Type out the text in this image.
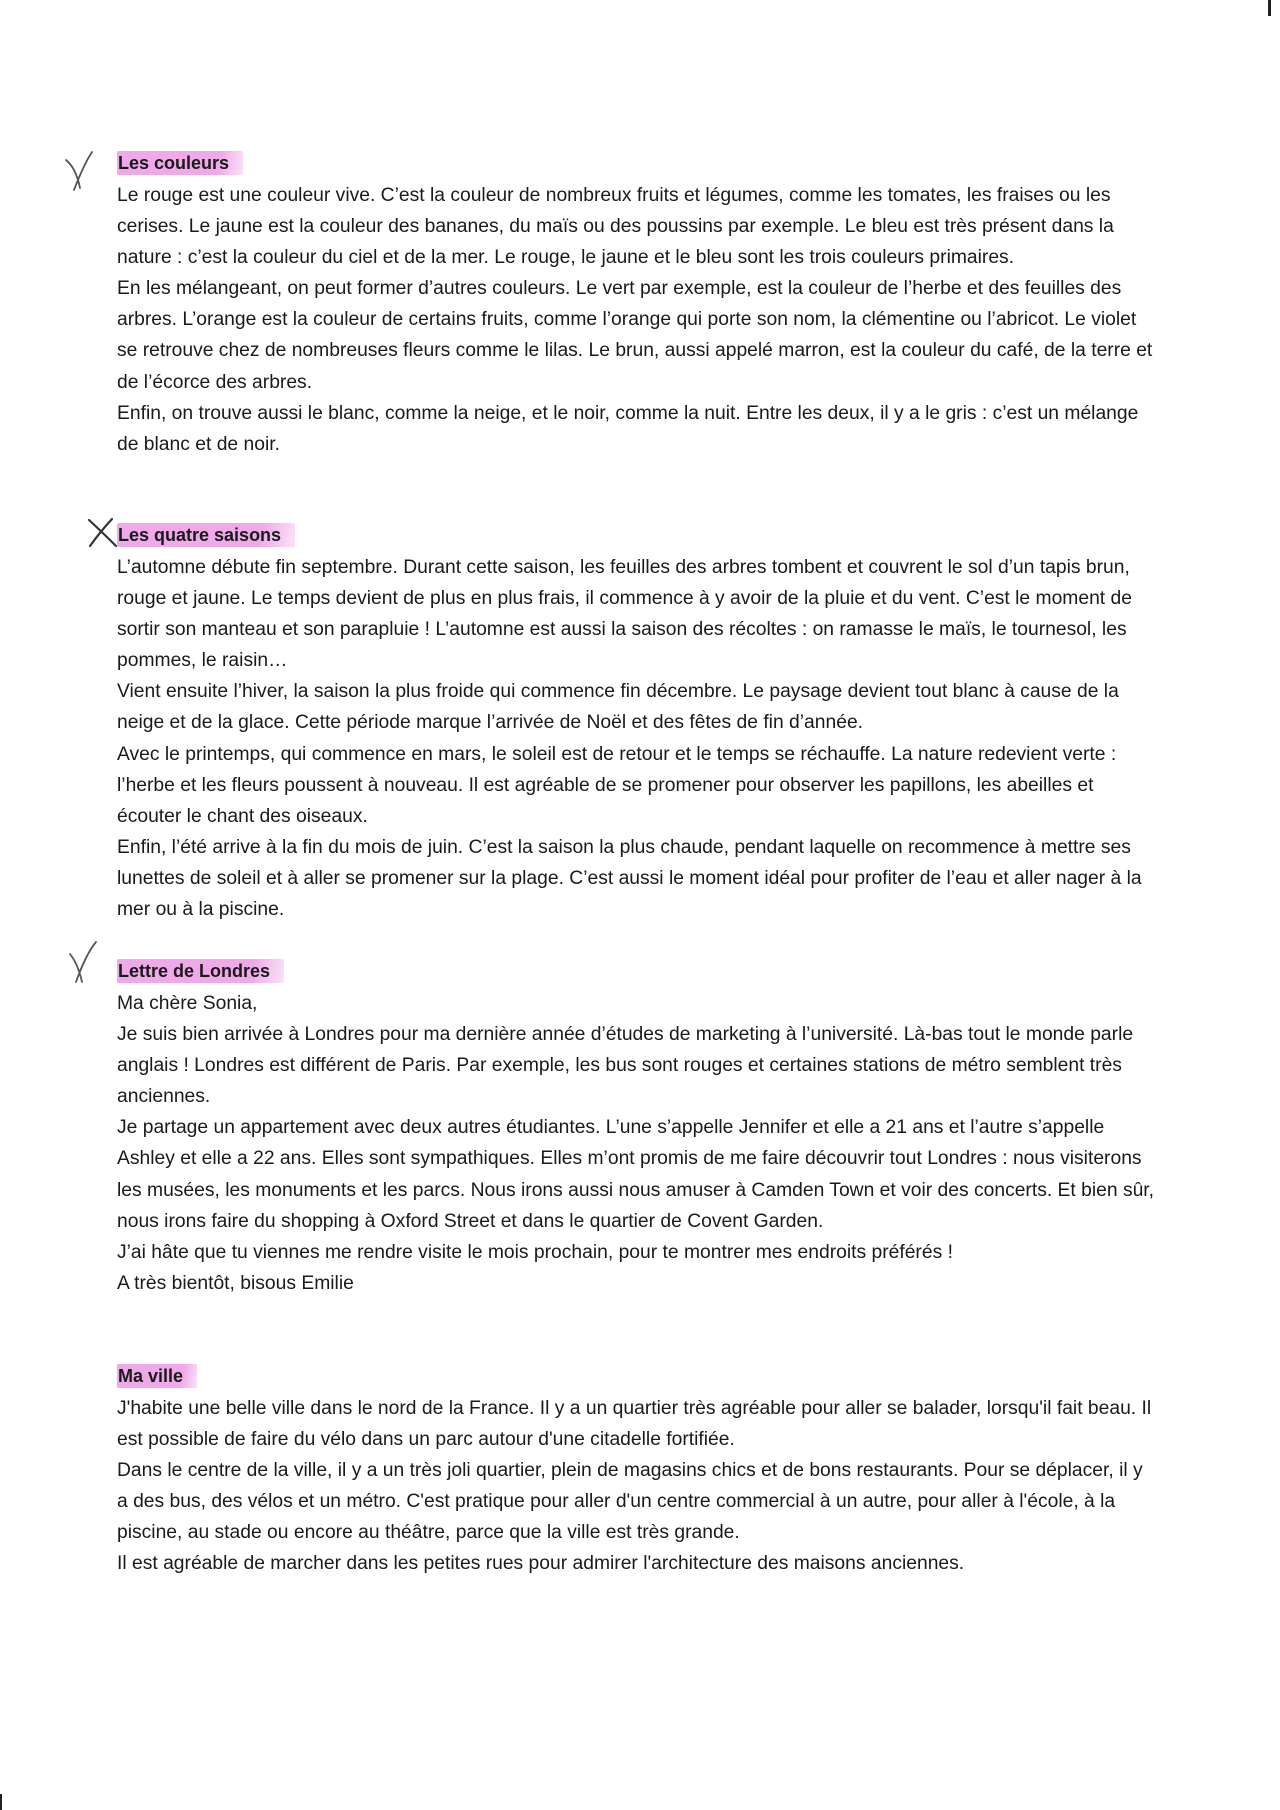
Les couleurs

Le rouge est une couleur vive. C’est la couleur de nombreux fruits et légumes, comme les tomates, les fraises ou les cerises. Le jaune est la couleur des bananes, du maïs ou des poussins par exemple. Le bleu est très présent dans la nature : c’est la couleur du ciel et de la mer. Le rouge, le jaune et le bleu sont les trois couleurs primaires.

En les mélangeant, on peut former d’autres couleurs. Le vert par exemple, est la couleur de l’herbe et des feuilles des arbres. L’orange est la couleur de certains fruits, comme l’orange qui porte son nom, la clémentine ou l’abricot. Le violet se retrouve chez de nombreuses fleurs comme le lilas. Le brun, aussi appelé marron, est la couleur du café, de la terre et de l’écorce des arbres.

Enfin, on trouve aussi le blanc, comme la neige, et le noir, comme la nuit. Entre les deux, il y a le gris : c’est un mélange de blanc et de noir.

Les quatre saisons

L’automne débute fin septembre. Durant cette saison, les feuilles des arbres tombent et couvrent le sol d’un tapis brun, rouge et jaune. Le temps devient de plus en plus frais, il commence à y avoir de la pluie et du vent. C’est le moment de sortir son manteau et son parapluie ! L’automne est aussi la saison des récoltes : on ramasse le maïs, le tournesol, les pommes, le raisin…

Vient ensuite l’hiver, la saison la plus froide qui commence fin décembre. Le paysage devient tout blanc à cause de la neige et de la glace. Cette période marque l’arrivée de Noël et des fêtes de fin d’année.

Avec le printemps, qui commence en mars, le soleil est de retour et le temps se réchauffe. La nature redevient verte : l’herbe et les fleurs poussent à nouveau. Il est agréable de se promener pour observer les papillons, les abeilles et écouter le chant des oiseaux.

Enfin, l’été arrive à la fin du mois de juin. C’est la saison la plus chaude, pendant laquelle on recommence à mettre ses lunettes de soleil et à aller se promener sur la plage. C’est aussi le moment idéal pour profiter de l’eau et aller nager à la mer ou à la piscine.

Lettre de Londres

Ma chère Sonia,

Je suis bien arrivée à Londres pour ma dernière année d’études de marketing à l’université. Là-bas tout le monde parle anglais ! Londres est différent de Paris. Par exemple, les bus sont rouges et certaines stations de métro semblent très anciennes.

Je partage un appartement avec deux autres étudiantes. L’une s’appelle Jennifer et elle a 21 ans et l’autre s’appelle Ashley et elle a 22 ans. Elles sont sympathiques. Elles m’ont promis de me faire découvrir tout Londres : nous visiterons les musées, les monuments et les parcs. Nous irons aussi nous amuser à Camden Town et voir des concerts. Et bien sûr, nous irons faire du shopping à Oxford Street et dans le quartier de Covent Garden.

J’ai hâte que tu viennes me rendre visite le mois prochain, pour te montrer mes endroits préférés !

A très bientôt, bisous Emilie

Ma ville

J'habite une belle ville dans le nord de la France. Il y a un quartier très agréable pour aller se balader, lorsqu'il fait beau. Il est possible de faire du vélo dans un parc autour d'une citadelle fortifiée.

Dans le centre de la ville, il y a un très joli quartier, plein de magasins chics et de bons restaurants. Pour se déplacer, il y a des bus, des vélos et un métro. C'est pratique pour aller d'un centre commercial à un autre, pour aller à l'école, à la piscine, au stade ou encore au théâtre, parce que la ville est très grande.

Il est agréable de marcher dans les petites rues pour admirer l'architecture des maisons anciennes.
